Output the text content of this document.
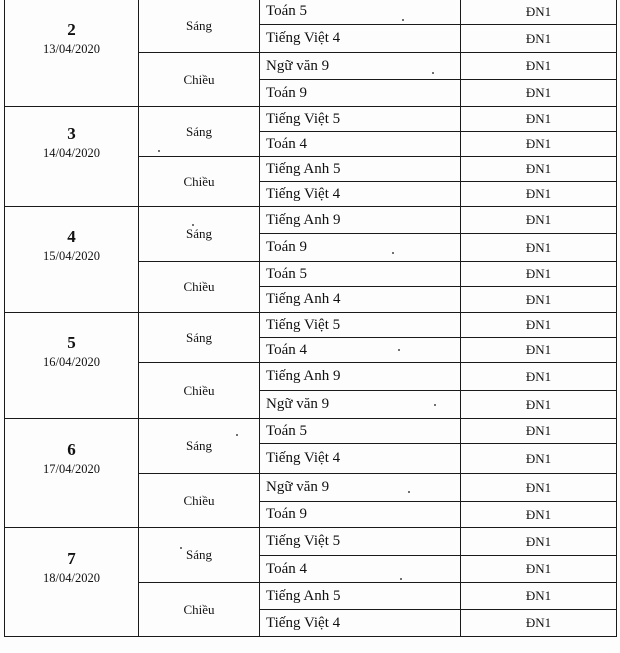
2
13/04/2020	Sáng	Toán 5	ĐN1
		Tiếng Việt 4	ĐN1
	Chiều	Ngữ văn 9	ĐN1
		Toán 9	ĐN1

3
14/04/2020	Sáng	Tiếng Việt 5	ĐN1
		Toán 4	ĐN1
	Chiều	Tiếng Anh 5	ĐN1
		Tiếng Việt 4	ĐN1

4
15/04/2020	Sáng	Tiếng Anh 9	ĐN1
		Toán 9	ĐN1
	Chiều	Toán 5	ĐN1
		Tiếng Anh 4	ĐN1

5
16/04/2020	Sáng	Tiếng Việt 5	ĐN1
		Toán 4	ĐN1
	Chiều	Tiếng Anh 9	ĐN1
		Ngữ văn 9	ĐN1

6
17/04/2020	Sáng	Toán 5	ĐN1
		Tiếng Việt 4	ĐN1
	Chiều	Ngữ văn 9	ĐN1
		Toán 9	ĐN1

7
18/04/2020	Sáng	Tiếng Việt 5	ĐN1
		Toán 4	ĐN1
	Chiều	Tiếng Anh 5	ĐN1
		Tiếng Việt 4	ĐN1
